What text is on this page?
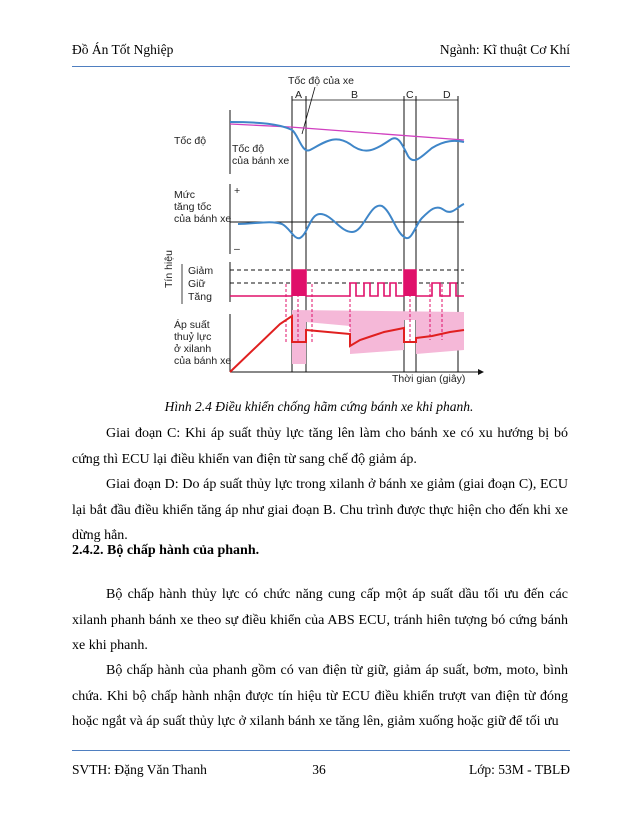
Đồ Án Tốt Nghiệp	Ngành: Kĩ thuật Cơ Khí
Tốc độ của xe
A	B	C	D
Tốc độ
Tốc độ
của bánh xe
Mức
tăng tốc
của bánh xe
+
–
Tín hiệu Giảm
Giữ
Tăng
Áp suất
thuỷ lực
ở xilanh
của bánh xe
Thời gian (giây)
Hình 2.4 Điều khiển chống hãm cứng bánh xe khi phanh.
Giai đoạn C: Khi áp suất thủy lực tăng lên làm cho bánh xe có xu hướng bị bó cứng thì ECU lại điều khiển van điện từ sang chế độ giảm áp.
Giai đoạn D: Do áp suất thủy lực trong xilanh ở bánh xe giảm (giai đoạn C), ECU lại bắt đầu điều khiển tăng áp như giai đoạn B. Chu trình được thực hiện cho đến khi xe dừng hẳn.
2.4.2. Bộ chấp hành của phanh.
Bộ chấp hành thủy lực có chức năng cung cấp một áp suất dầu tối ưu đến các xilanh phanh bánh xe theo sự điều khiển của ABS ECU, tránh hiên tượng bó cứng bánh xe khi phanh.
Bộ chấp hành của phanh gồm có van điện từ giữ, giảm áp suất, bơm, moto, bình chứa. Khi bộ chấp hành nhận được tín hiệu từ ECU điều khiển trượt van điện từ đóng hoặc ngắt và áp suất thủy lực ở xilanh bánh xe tăng lên, giảm xuống hoặc giữ để tối ưu
SVTH: Đặng Văn Thanh	36	Lớp: 53M - TBLĐ
